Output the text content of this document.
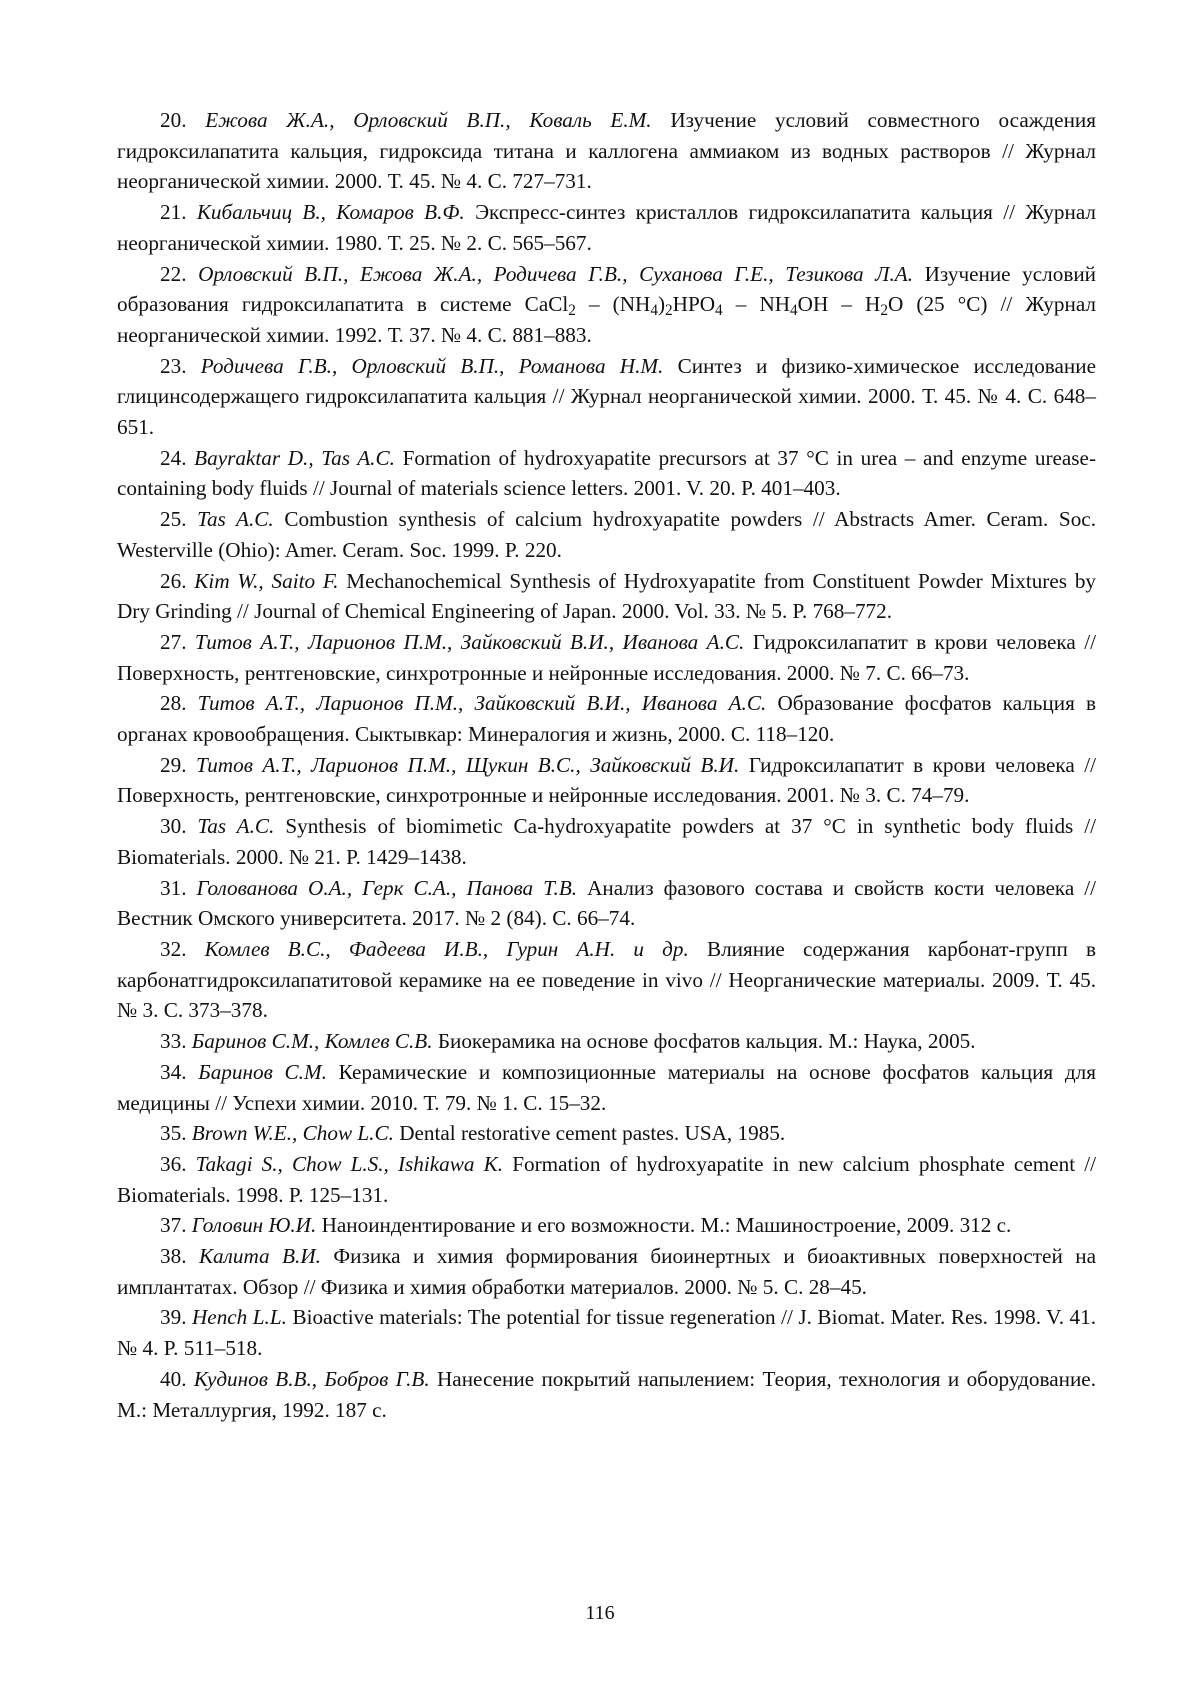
20. Ежова Ж.А., Орловский В.П., Коваль Е.М. Изучение условий совместного осаждения гидроксилапатита кальция, гидроксида титана и каллогена аммиаком из водных растворов // Журнал неорганической химии. 2000. Т. 45. № 4. С. 727–731.

21. Кибальчиц В., Комаров В.Ф. Экспресс-синтез кристаллов гидроксилапатита кальция // Журнал неорганической химии. 1980. Т. 25. № 2. С. 565–567.

22. Орловский В.П., Ежова Ж.А., Родичева Г.В., Суханова Г.Е., Тезикова Л.А. Изучение условий образования гидроксилапатита в системе CaCl$_2$ – $(NH_4)_2HPO_4 - NH_4OH - H_2O$ (25 °С) // Журнал неорганической химии. 1992. Т. 37. № 4. С. 881–883.

23. Родичева Г.В., Орловский В.П., Романова Н.М. Синтез и физико-химическое исследование глицинсодержащего гидроксилапатита кальция // Журнал неорганической химии. 2000. Т. 45. № 4. С. 648–651.

24. Bayraktar D., Tas A.C. Formation of hydroxyapatite precursors at 37 °C in urea – and enzyme urease-containing body fluids // Journal of materials science letters. 2001. V. 20. P. 401–403.

25. Tas A.C. Combustion synthesis of calcium hydroxyapatite powders // Abstracts Amer. Ceram. Soc. Westerville (Ohio): Amer. Ceram. Soc. 1999. P. 220.

26. Kim W., Saito F. Mechanochemical Synthesis of Hydroxyapatite from Constituent Powder Mixtures by Dry Grinding // Journal of Chemical Engineering of Japan. 2000. Vol. 33. № 5. P. 768–772.

27. Титов А.Т., Ларионов П.М., Зайковский В.И., Иванова А.С. Гидроксилапатит в крови человека // Поверхность, рентгеновские, синхротронные и нейронные исследования. 2000. № 7. С. 66–73.

28. Титов А.Т., Ларионов П.М., Зайковский В.И., Иванова А.С. Образование фосфатов кальция в органах кровообращения. Сыктывкар: Минералогия и жизнь, 2000. С. 118–120.

29. Титов А.Т., Ларионов П.М., Щукин В.С., Зайковский В.И. Гидроксилапатит в крови человека // Поверхность, рентгеновские, синхротронные и нейронные исследования. 2001. № 3. С. 74–79.

30. Tas A.C. Synthesis of biomimetic Ca-hydroxyapatite powders at 37 °C in synthetic body fluids // Biomaterials. 2000. № 21. P. 1429–1438.

31. Голованова О.А., Герк С.А., Панова Т.В. Анализ фазового состава и свойств кости человека // Вестник Омского университета. 2017. № 2 (84). С. 66–74.

32. Комлев В.С., Фадеева И.В., Гурин А.Н. и др. Влияние содержания карбонат-групп в карбонатгидроксилапатитовой керамике на ее поведение in vivo // Неорганические материалы. 2009. Т. 45. № 3. С. 373–378.

33. Баринов С.М., Комлев С.В. Биокерамика на основе фосфатов кальция. М.: Наука, 2005.

34. Баринов С.М. Керамические и композиционные материалы на основе фосфатов кальция для медицины // Успехи химии. 2010. Т. 79. № 1. С. 15–32.

35. Brown W.E., Chow L.C. Dental restorative cement pastes. USA, 1985.

36. Takagi S., Chow L.S., Ishikawa K. Formation of hydroxyapatite in new calcium phosphate cement // Biomaterials. 1998. P. 125–131.

37. Головин Ю.И. Наноиндентирование и его возможности. М.: Машиностроение, 2009. 312 с.

38. Калита В.И. Физика и химия формирования биоинертных и биоактивных поверхностей на имплантатах. Обзор // Физика и химия обработки материалов. 2000. № 5. С. 28–45.

39. Hench L.L. Bioactive materials: The potential for tissue regeneration // J. Biomat. Mater. Res. 1998. V. 41. № 4. P. 511–518.

40. Кудинов В.В., Бобров Г.В. Нанесение покрытий напылением: Теория, технология и оборудование. М.: Металлургия, 1992. 187 с.

116
